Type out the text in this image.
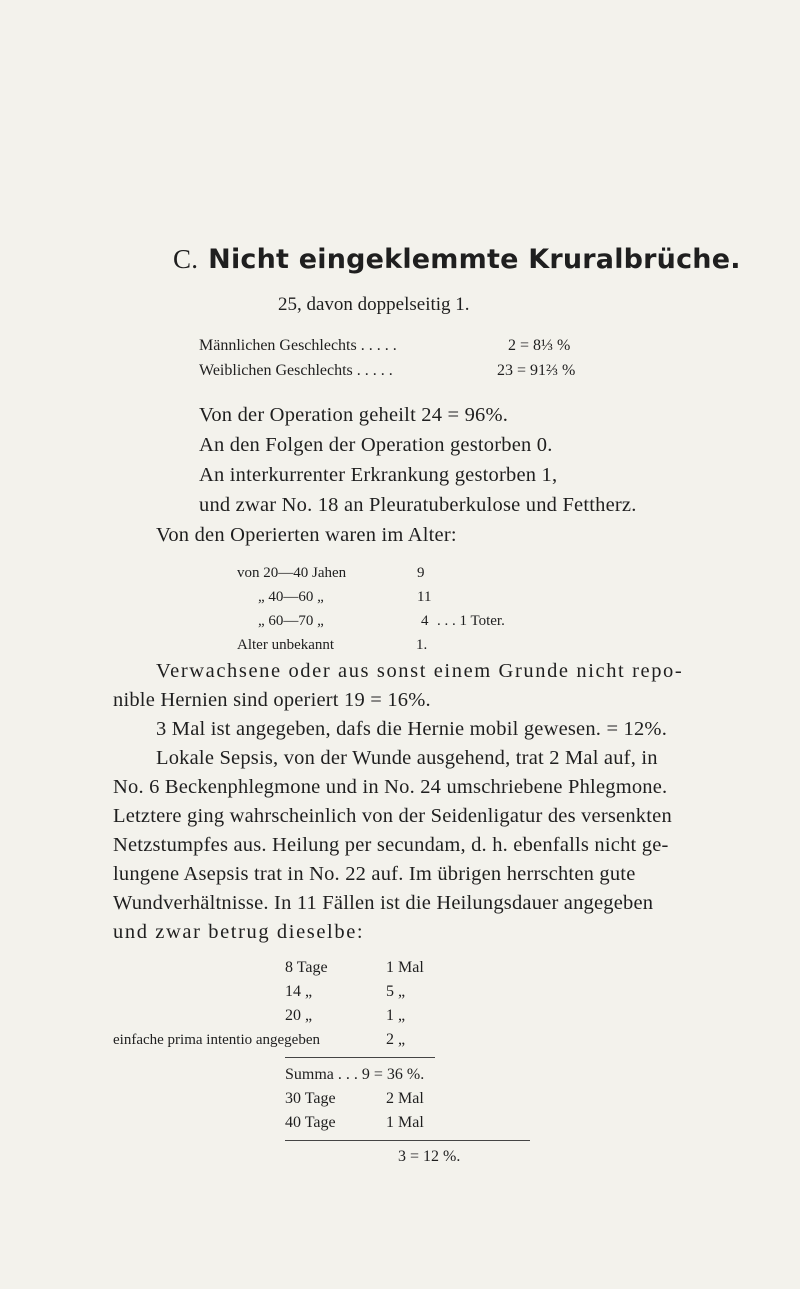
C. Nicht eingeklemmte Kruralbrüche.
25, davon doppelseitig 1.
Männlichen Geschlechts . . . . .	2 = 8⅓ %
Weiblichen Geschlechts . . . . .	23 = 91⅔ %
Von der Operation geheilt 24 = 96%.
An den Folgen der Operation gestorben 0.
An interkurrenter Erkrankung gestorben 1,
und zwar No. 18 an Pleuratuberkulose und Fettherz.
Von den Operierten waren im Alter:
von 20—40 Jahen	9
„ 40—60 „	11
„ 60—70 „	4 . . . 1 Toter.
Alter unbekannt	1.
Verwachsene oder aus sonst einem Grunde nicht repo-
nible Hernien sind operiert 19 = 16%.
3 Mal ist angegeben, dafs die Hernie mobil gewesen. = 12%.
Lokale Sepsis, von der Wunde ausgehend, trat 2 Mal auf, in
No. 6 Beckenphlegmone und in No. 24 umschriebene Phlegmone.
Letztere ging wahrscheinlich von der Seidenligatur des versenkten
Netzstumpfes aus. Heilung per secundam, d. h. ebenfalls nicht ge-
lungene Asepsis trat in No. 22 auf. Im übrigen herrschten gute
Wundverhältnisse. In 11 Fällen ist die Heilungsdauer angegeben
und zwar betrug dieselbe:
8 Tage	1 Mal
14 „	5 „
20 „	1 „
einfache prima intentio angegeben	2 „
Summa . . . 9 = 36 %.
30 Tage	2 Mal
40 Tage	1 Mal
3 = 12 %.
